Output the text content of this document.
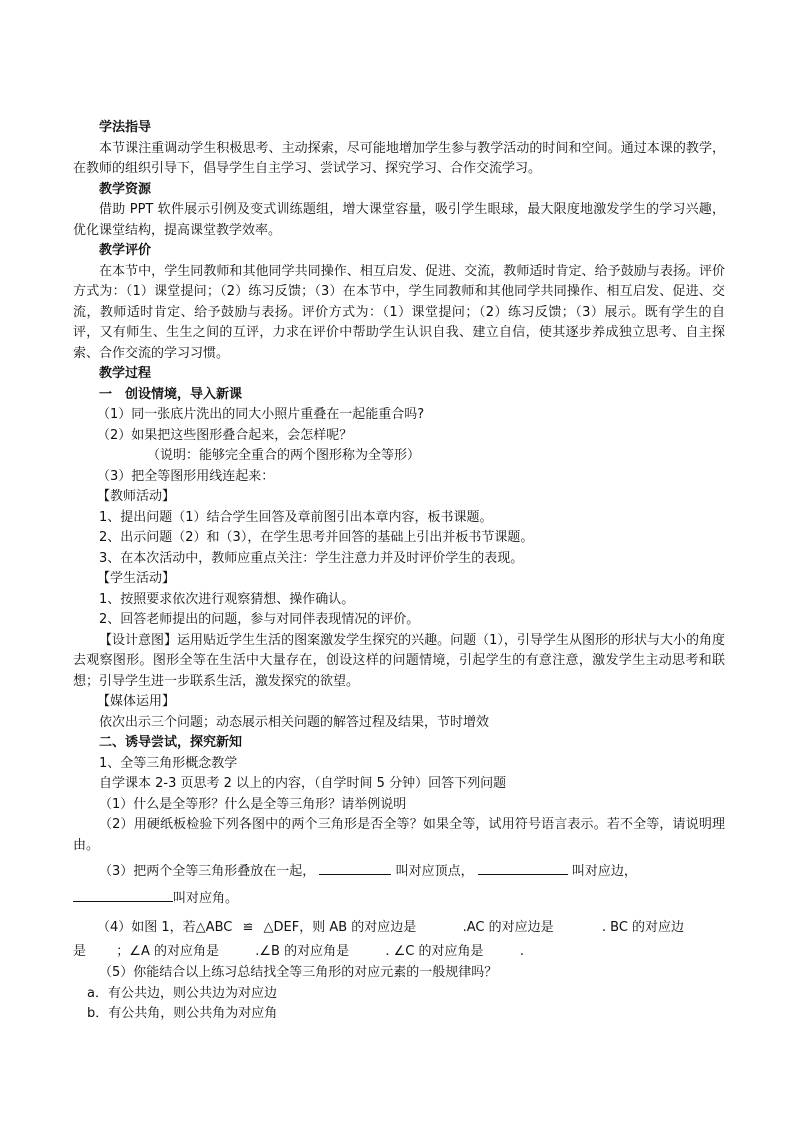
学法指导

本节课注重调动学生积极思考、主动探索，尽可能地增加学生参与教学活动的时间和空间。通过本课的教学，在教师的组织引导下，倡导学生自主学习、尝试学习、探究学习、合作交流学习。

教学资源

借助 PPT 软件展示引例及变式训练题组，增大课堂容量，吸引学生眼球，最大限度地激发学生的学习兴趣，优化课堂结构，提高课堂教学效率。

教学评价

在本节中，学生同教师和其他同学共同操作、相互启发、促进、交流，教师适时肯定、给予鼓励与表扬。评价方式为：（1）课堂提问；（2）练习反馈；（3）在本节中，学生同教师和其他同学共同操作、相互启发、促进、交流，教师适时肯定、给予鼓励与表扬。评价方式为：（1）课堂提问；（2）练习反馈；（3）展示。既有学生的自评，又有师生、生生之间的互评，力求在评价中帮助学生认识自我、建立自信，使其逐步养成独立思考、自主探索、合作交流的学习习惯。

教学过程

一　创设情境，导入新课

（1）同一张底片洗出的同大小照片重叠在一起能重合吗?

（2）如果把这些图形叠合起来，会怎样呢？

（说明：能够完全重合的两个图形称为全等形）

（3）把全等图形用线连起来：

【教师活动】

1、提出问题（1）结合学生回答及章前图引出本章内容，板书课题。

2、出示问题（2）和（3），在学生思考并回答的基础上引出并板书节课题。

3、在本次活动中，教师应重点关注：学生注意力并及时评价学生的表现。

【学生活动】

1、按照要求依次进行观察猜想、操作确认。

2、回答老师提出的问题，参与对同伴表现情况的评价。

【设计意图】运用贴近学生生活的图案激发学生探究的兴趣。问题（1），引导学生从图形的形状与大小的角度去观察图形。图形全等在生活中大量存在，创设这样的问题情境，引起学生的有意注意，激发学生主动思考和联想；引导学生进一步联系生活，激发探究的欲望。

【媒体运用】

依次出示三个问题；动态展示相关问题的解答过程及结果，节时增效

二、诱导尝试，探究新知

1、全等三角形概念教学

自学课本 2-3 页思考 2 以上的内容，（自学时间 5 分钟）回答下列问题

（1）什么是全等形？什么是全等三角形？请举例说明

（2）用硬纸板检验下列各图中的两个三角形是否全等？如果全等，试用符号语言表示。若不全等，请说明理由。

（3）把两个全等三角形叠放在一起，	叫对应顶点，	叫对应边，
叫对应角。

（4）如图 1，若△ABC ≌ △DEF，则 AB 的对应边是	.AC 的对应边是	. BC 的对应边

是 ；∠A 的对应角是	.∠B 的对应角是	. ∠C 的对应角是	.

（5）你能结合以上练习总结找全等三角形的对应元素的一般规律吗？

a．有公共边，则公共边为对应边

b．有公共角，则公共角为对应角
